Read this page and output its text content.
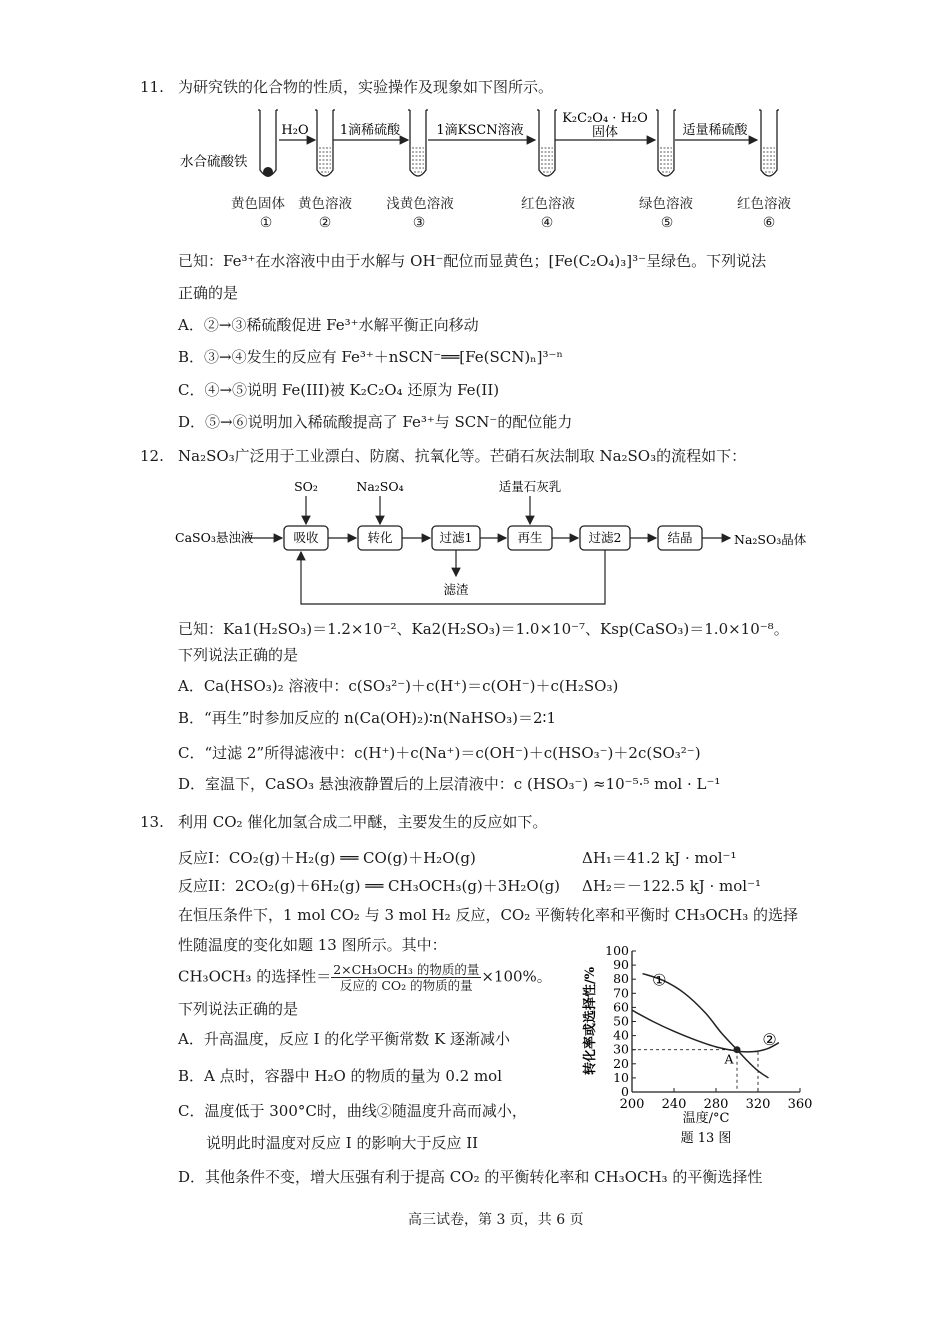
11. 为研究铁的化合物的性质，实验操作及现象如下图所示。
H₂O 1滴稀硫酸	1滴KSCN溶液
K₂C₂O₄ · H₂O
固体	适量稀硫酸
水合硫酸铁
黄色固体 黄色溶液	浅黄色溶液	红色溶液	绿色溶液	红色溶液
①	②	③	④	⑤	⑥
已知：Fe³⁺在水溶液中由于水解与 OH⁻配位而显黄色；[Fe(C₂O₄)₃]³⁻呈绿色。下列说法
正确的是
A．②→③稀硫酸促进 Fe³⁺水解平衡正向移动
B．③→④发生的反应有 Fe³⁺＋nSCN⁻══[Fe(SCN)ₙ]³⁻ⁿ
C．④→⑤说明 Fe(III)被 K₂C₂O₄ 还原为 Fe(II)
D．⑤→⑥说明加入稀硫酸提高了 Fe³⁺与 SCN⁻的配位能力
12. Na₂SO₃广泛用于工业漂白、防腐、抗氧化等。芒硝石灰法制取 Na₂SO₃的流程如下：
CaSO₃悬浊液	吸收	转化	过滤1	再生	过滤2	结晶
SO₂	Na₂SO₄	适量石灰乳
滤渣
Na₂SO₃晶体
已知：Ka1(H₂SO₃)＝1.2×10⁻²、Ka2(H₂SO₃)＝1.0×10⁻⁷、Ksp(CaSO₃)＝1.0×10⁻⁸。
下列说法正确的是
A．Ca(HSO₃)₂ 溶液中：c(SO₃²⁻)＋c(H⁺)＝c(OH⁻)＋c(H₂SO₃)
B．“再生”时参加反应的 n(Ca(OH)₂)∶n(NaHSO₃)＝2∶1
C．“过滤 2”所得滤液中：c(H⁺)＋c(Na⁺)＝c(OH⁻)＋c(HSO₃⁻)＋2c(SO₃²⁻)
D．室温下，CaSO₃ 悬浊液静置后的上层清液中：c (HSO₃⁻) ≈10⁻⁵·⁵ mol · L⁻¹
13. 利用 CO₂ 催化加氢合成二甲醚，主要发生的反应如下。
反应I：CO₂(g)＋H₂(g) ══ CO(g)＋H₂O(g)	ΔH₁＝41.2 kJ · mol⁻¹
反应II：2CO₂(g)＋6H₂(g) ══ CH₃OCH₃(g)＋3H₂O(g) ΔH₂＝－122.5 kJ · mol⁻¹
在恒压条件下，1 mol CO₂ 与 3 mol H₂ 反应，CO₂ 平衡转化率和平衡时 CH₃OCH₃ 的选择
性随温度的变化如题 13 图所示。其中：
CH₃OCH₃ 的选择性＝ $\frac{\text{2×CH₃OCH₃ 的物质的量}}{\text{反应的 CO₂ 的物质的量}} \times 100\%$。
下列说法正确的是
A．升高温度，反应 I 的化学平衡常数 K 逐渐减小
B．A 点时，容器中 H₂O 的物质的量为 0.2 mol
C．温度低于 300°C时，曲线②随温度升高而减小，
说明此时温度对反应 I 的影响大于反应 II
D．其他条件不变，增大压强有利于提高 CO₂ 的平衡转化率和 CH₃OCH₃ 的平衡选择性
200 240 280 320 360
0
10
20
30
40
50
60
70
80
90
100
①
②
A
转化率或选择性/%
温度/°C
题 13 图
高三试卷，第 3 页，共 6 页
